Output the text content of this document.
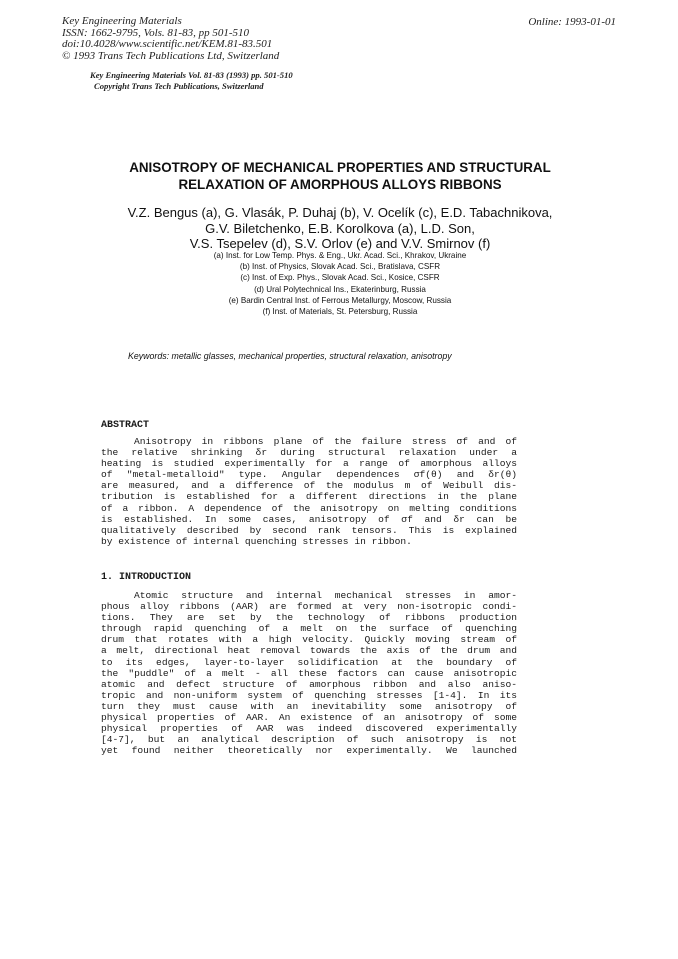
Key Engineering Materials
ISSN: 1662-9795, Vols. 81-83, pp 501-510
doi:10.4028/www.scientific.net/KEM.81-83.501
© 1993 Trans Tech Publications Ltd, Switzerland
Online: 1993-01-01
Key Engineering Materials Vol. 81-83 (1993) pp. 501-510
Copyright Trans Tech Publications, Switzerland
ANISOTROPY OF MECHANICAL PROPERTIES AND STRUCTURAL
RELAXATION OF AMORPHOUS ALLOYS RIBBONS
V.Z. Bengus (a), G. Vlasák, P. Duhaj (b), V. Ocelík (c), E.D. Tabachnikova,
G.V. Biletchenko, E.B. Korolkova (a), L.D. Son,
V.S. Tsepelev (d), S.V. Orlov (e) and V.V. Smirnov (f)
(a) Inst. for Low Temp. Phys. & Eng., Ukr. Acad. Sci., Khrakov, Ukraine
(b) Inst. of Physics, Slovak Acad. Sci., Bratislava, CSFR
(c) Inst. of Exp. Phys., Slovak Acad. Sci., Kosice, CSFR
(d) Ural Polytechnical Ins., Ekaterinburg, Russia
(e) Bardin Central Inst. of Ferrous Metallurgy, Moscow, Russia
(f) Inst. of Materials, St. Petersburg, Russia
Keywords: metallic glasses, mechanical properties, structural relaxation, anisotropy
ABSTRACT
Anisotropy in ribbons plane of the failure stress σf and of
the relative shrinking δr during structural relaxation under a
heating is studied experimentally for a range of amorphous alloys
of "metal-metalloid" type. Angular dependences σf(θ) and δr(θ)
are measured, and a difference of the modulus m of Weibull dis-
tribution is established for a different directions in the plane
of a ribbon. A dependence of the anisotropy on melting conditions
is established. In some cases, anisotropy of σf and δr can be
qualitatively described by second rank tensors. This is explained
by existence of internal quenching stresses in ribbon.
1. INTRODUCTION
Atomic structure and internal mechanical stresses in amor-
phous alloy ribbons (AAR) are formed at very non-isotropic condi-
tions. They are set by the technology of ribbons production
through rapid quenching of a melt on the surface of quenching
drum that rotates with a high velocity. Quickly moving stream of
a melt, directional heat removal towards the axis of the drum and
to its edges, layer-to-layer solidification at the boundary of
the "puddle" of a melt - all these factors can cause anisotropic
atomic and defect structure of amorphous ribbon and also aniso-
tropic and non-uniform system of quenching stresses [1-4]. In its
turn they must cause with an inevitability some anisotropy of
physical properties of AAR. An existence of an anisotropy of some
physical properties of AAR was indeed discovered experimentally
[4-7], but an analytical description of such anisotropy is not
yet found neither theoretically nor experimentally. We launched
